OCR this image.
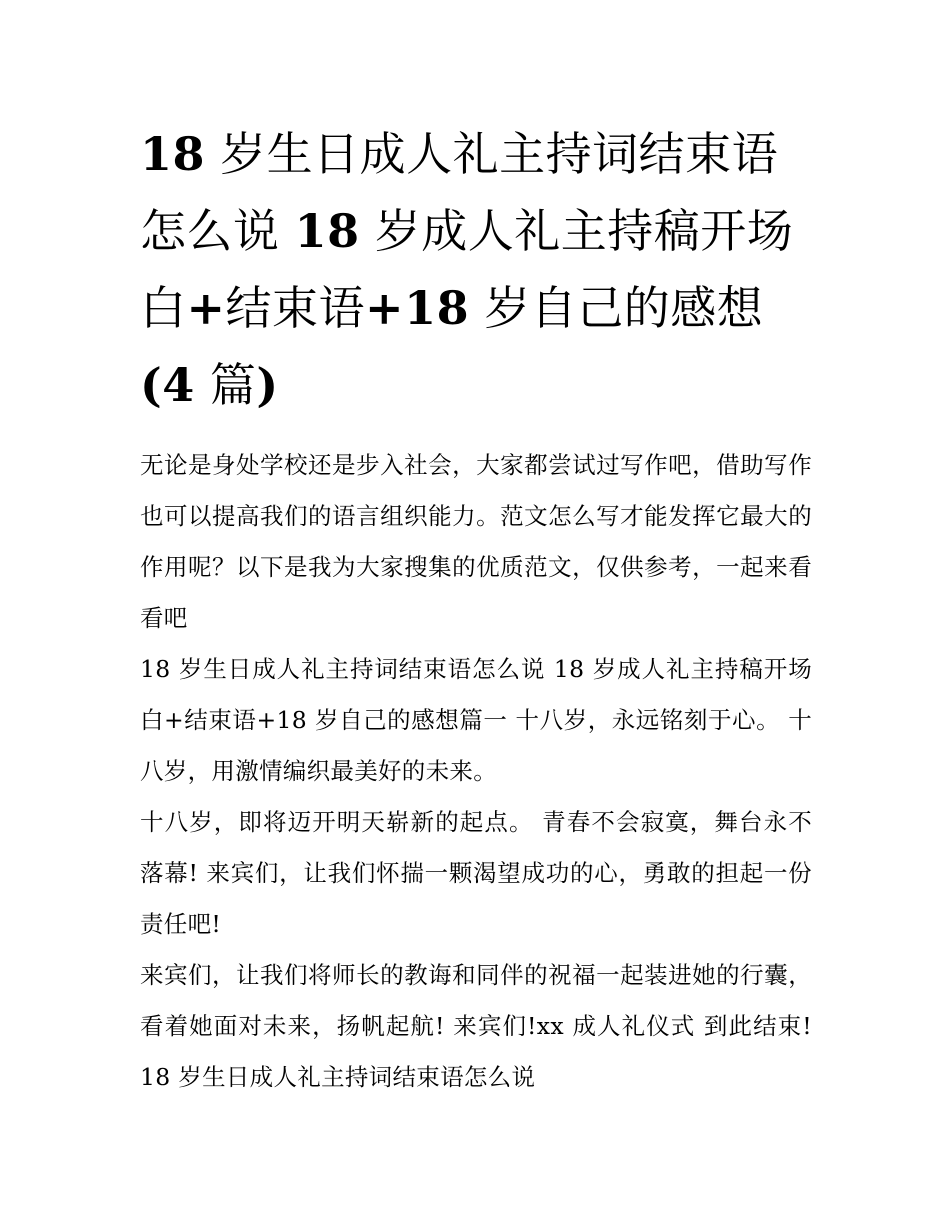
18 岁生日成人礼主持词结束语怎么说 18 岁成人礼主持稿开场白+结束语+18 岁自己的感想(4 篇)

无论是身处学校还是步入社会，大家都尝试过写作吧，借助写作也可以提高我们的语言组织能力。范文怎么写才能发挥它最大的作用呢？以下是我为大家搜集的优质范文，仅供参考，一起来看看吧

18 岁生日成人礼主持词结束语怎么说 18 岁成人礼主持稿开场白+结束语+18 岁自己的感想篇一 十八岁，永远铭刻于心。 十八岁，用激情编织最美好的未来。

十八岁，即将迈开明天崭新的起点。 青春不会寂寞，舞台永不落幕! 来宾们，让我们怀揣一颗渴望成功的心，勇敢的担起一份责任吧!

来宾们，让我们将师长的教诲和同伴的祝福一起装进她的行囊，看着她面对未来，扬帆起航! 来宾们!xx 成人礼仪式 到此结束! 18 岁生日成人礼主持词结束语怎么说
